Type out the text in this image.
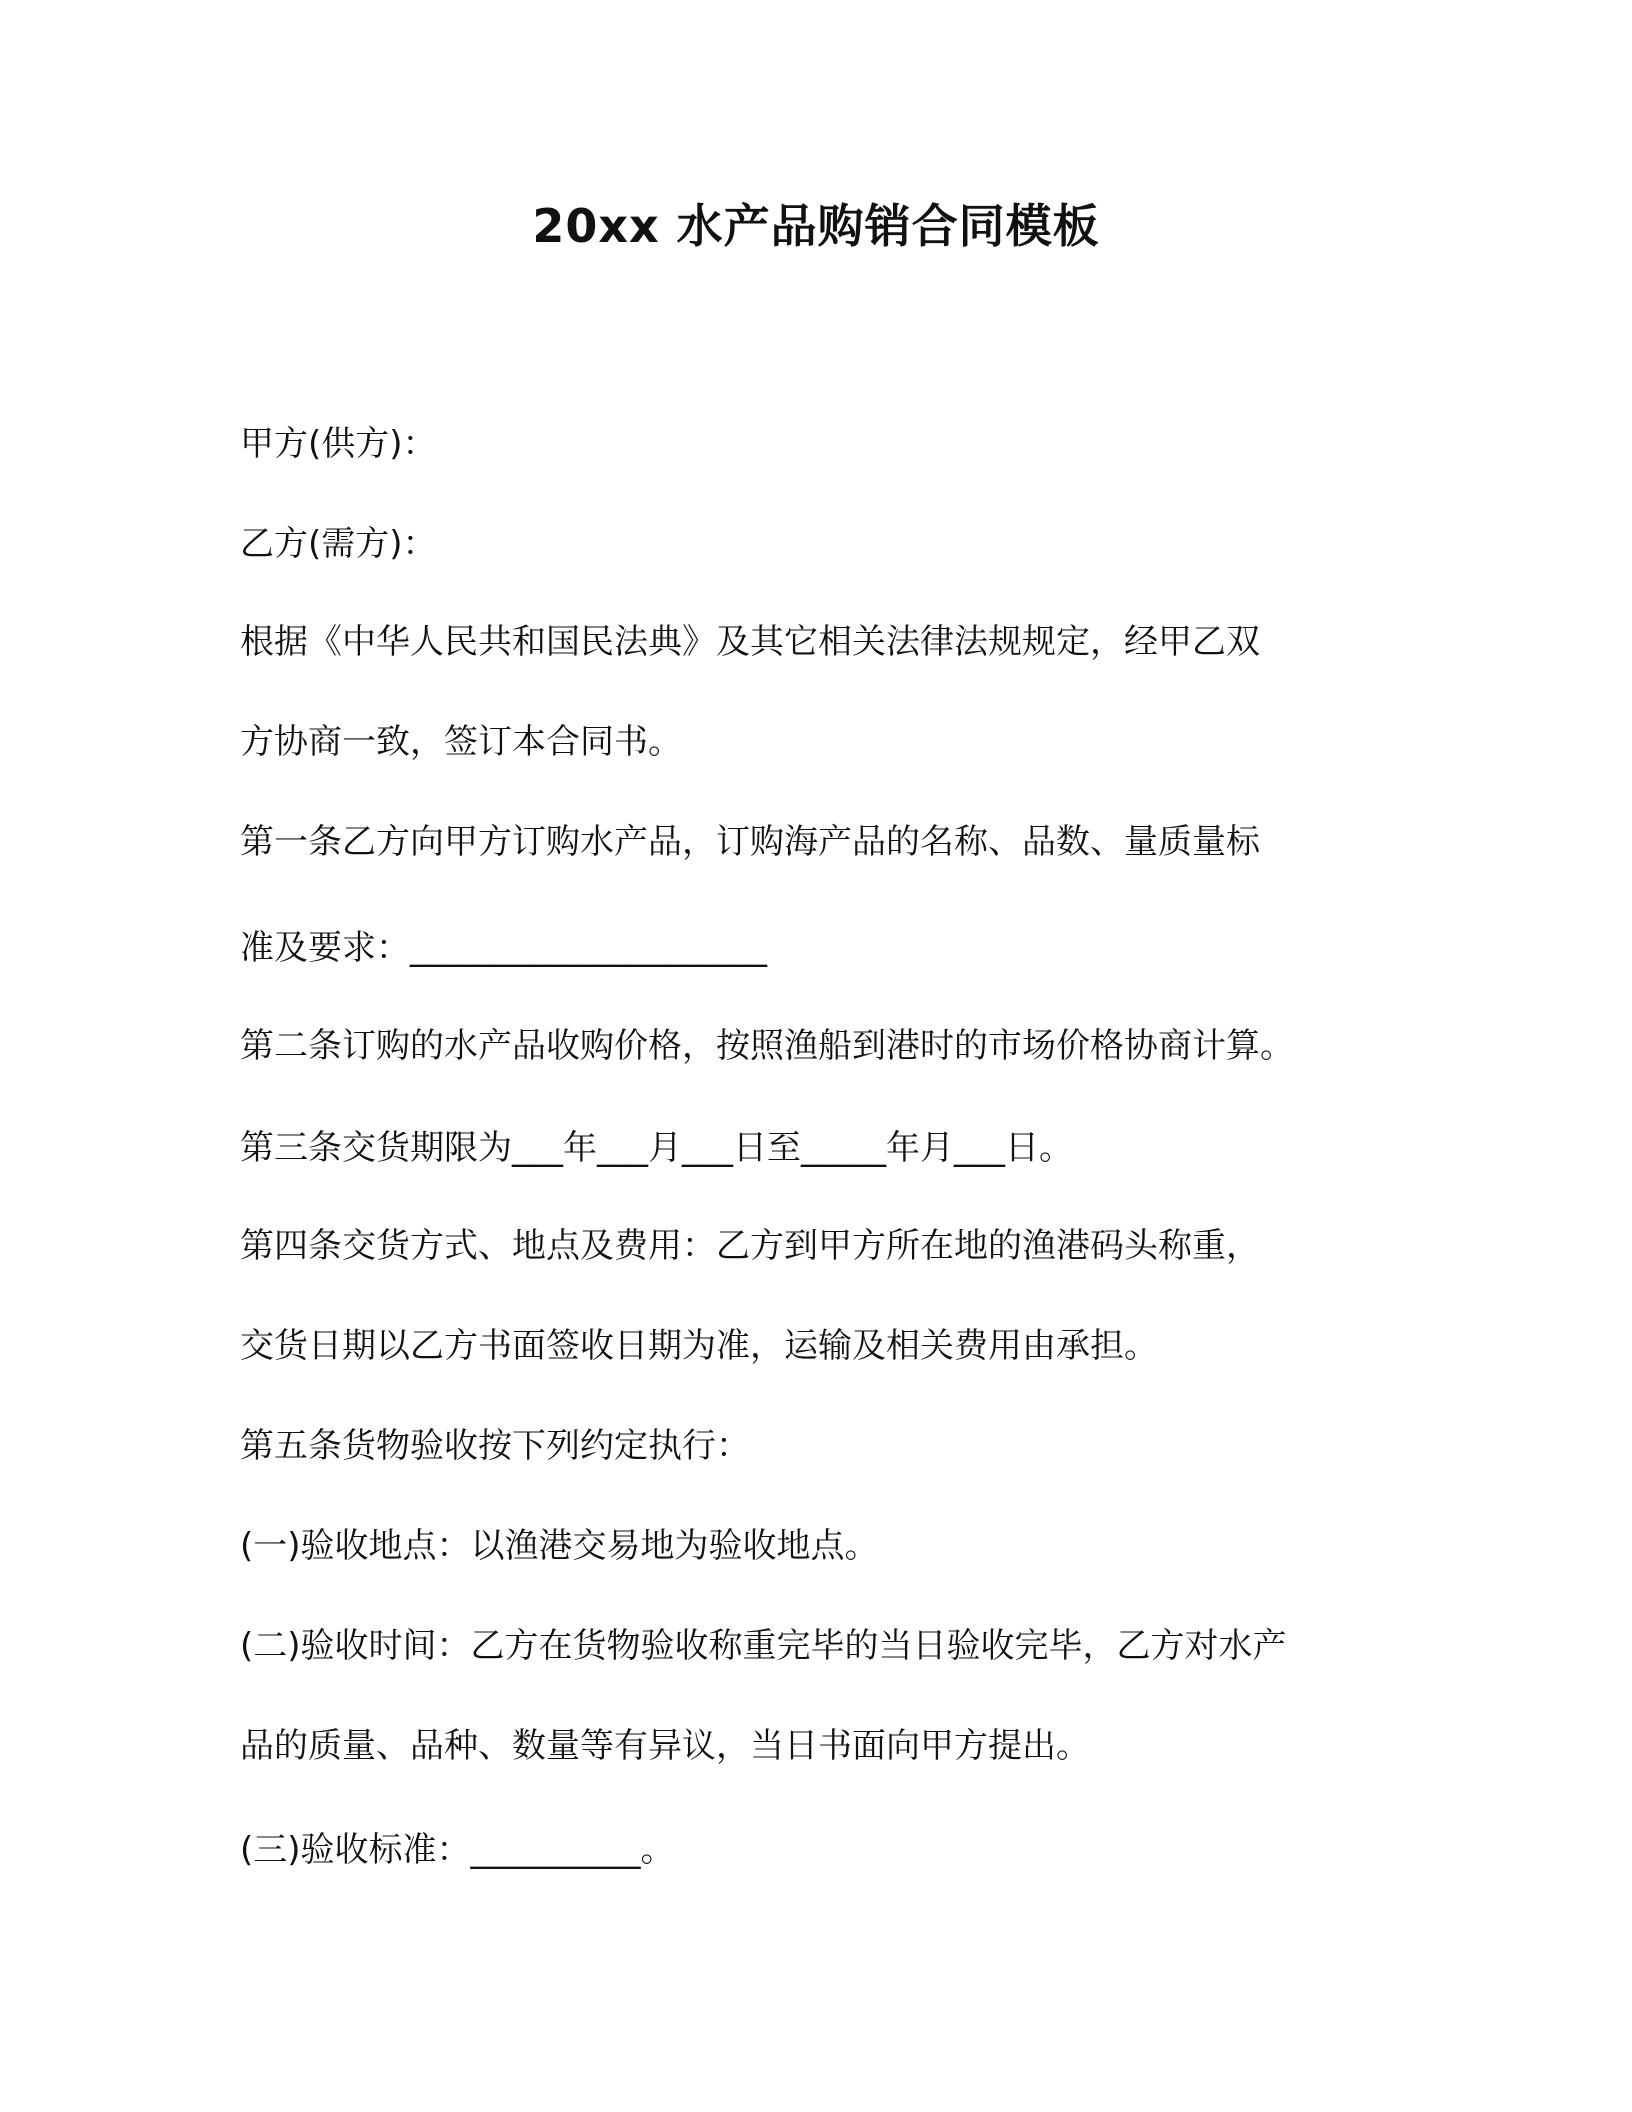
20xx 水产品购销合同模板
甲方(供方)：
乙方(需方)：
根据《中华人民共和国民法典》及其它相关法律法规规定，经甲乙双
方协商一致，签订本合同书。
第一条乙方向甲方订购水产品，订购海产品的名称、品数、量质量标
准及要求：_____________________
第二条订购的水产品收购价格，按照渔船到港时的市场价格协商计算。
第三条交货期限为___年___月___日至_____年月___日。
第四条交货方式、地点及费用：乙方到甲方所在地的渔港码头称重，
交货日期以乙方书面签收日期为准，运输及相关费用由承担。
第五条货物验收按下列约定执行：
(一)验收地点：以渔港交易地为验收地点。
(二)验收时间：乙方在货物验收称重完毕的当日验收完毕，乙方对水产
品的质量、品种、数量等有异议，当日书面向甲方提出。
(三)验收标准：__________。
